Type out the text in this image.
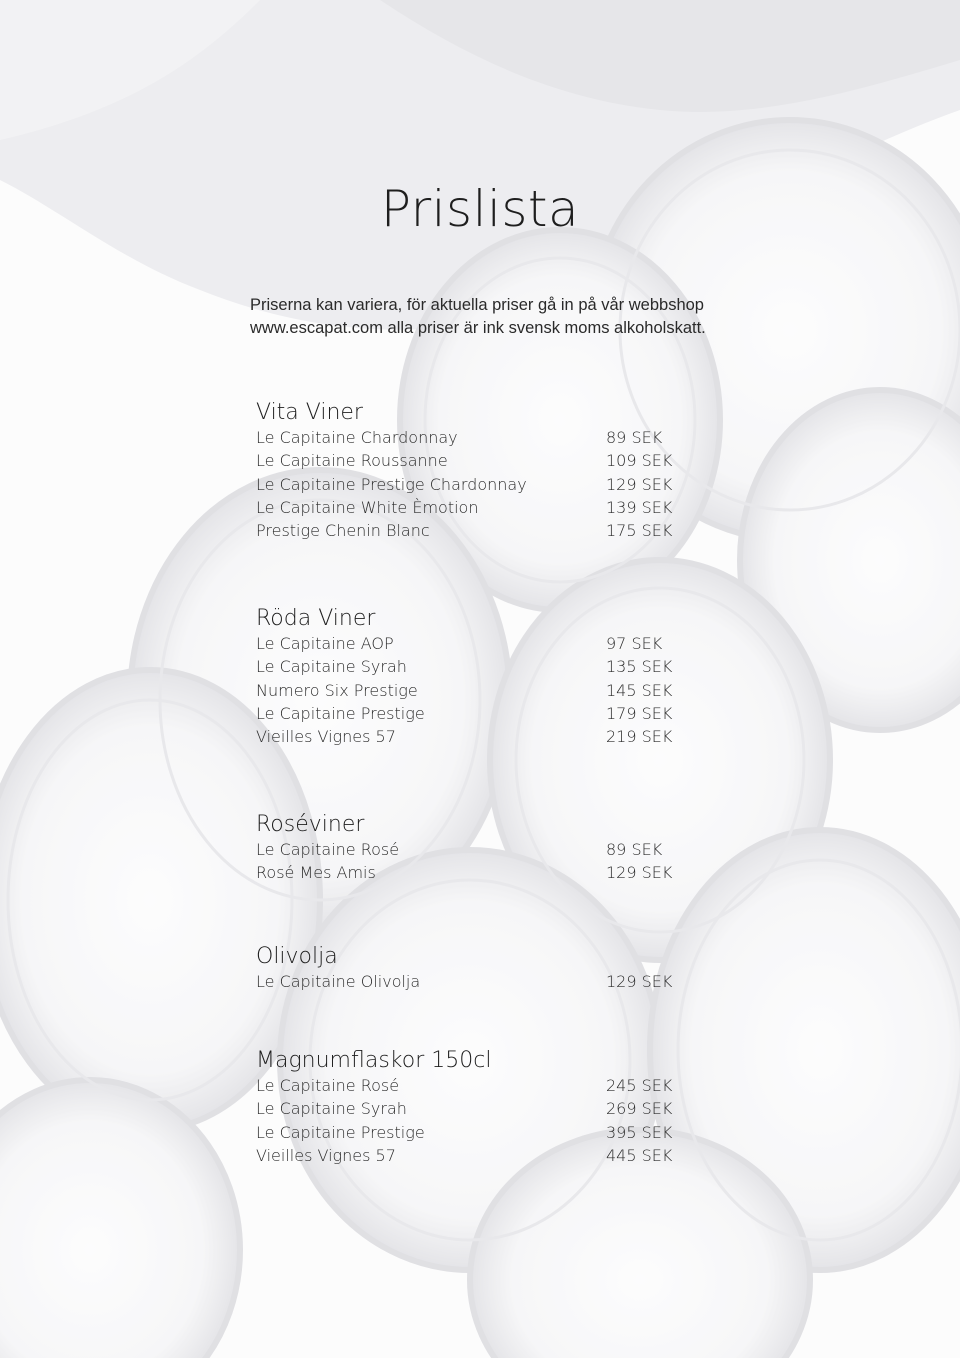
Prislista
Priserna kan variera, för aktuella priser gå in på vår webbshop
www.escapat.com alla priser är ink svensk moms alkoholskatt.
Vita Viner
Le Capitaine Chardonnay	89 SEK
Le Capitaine Roussanne	109 SEK
Le Capitaine Prestige Chardonnay	129 SEK
Le Capitaine White Èmotion	139 SEK
Prestige Chenin Blanc	175 SEK
Röda Viner
Le Capitaine AOP	97 SEK
Le Capitaine Syrah	135 SEK
Numero Six Prestige	145 SEK
Le Capitaine Prestige	179 SEK
Vieilles Vignes 57	219 SEK
Roséviner
Le Capitaine Rosé	89 SEK
Rosé Mes Amis	129 SEK
Olivolja
Le Capitaine Olivolja	129 SEK
Magnumflaskor 150cl
Le Capitaine Rosé	245 SEK
Le Capitaine Syrah	269 SEK
Le Capitaine Prestige	395 SEK
Vieilles Vignes 57	445 SEK
